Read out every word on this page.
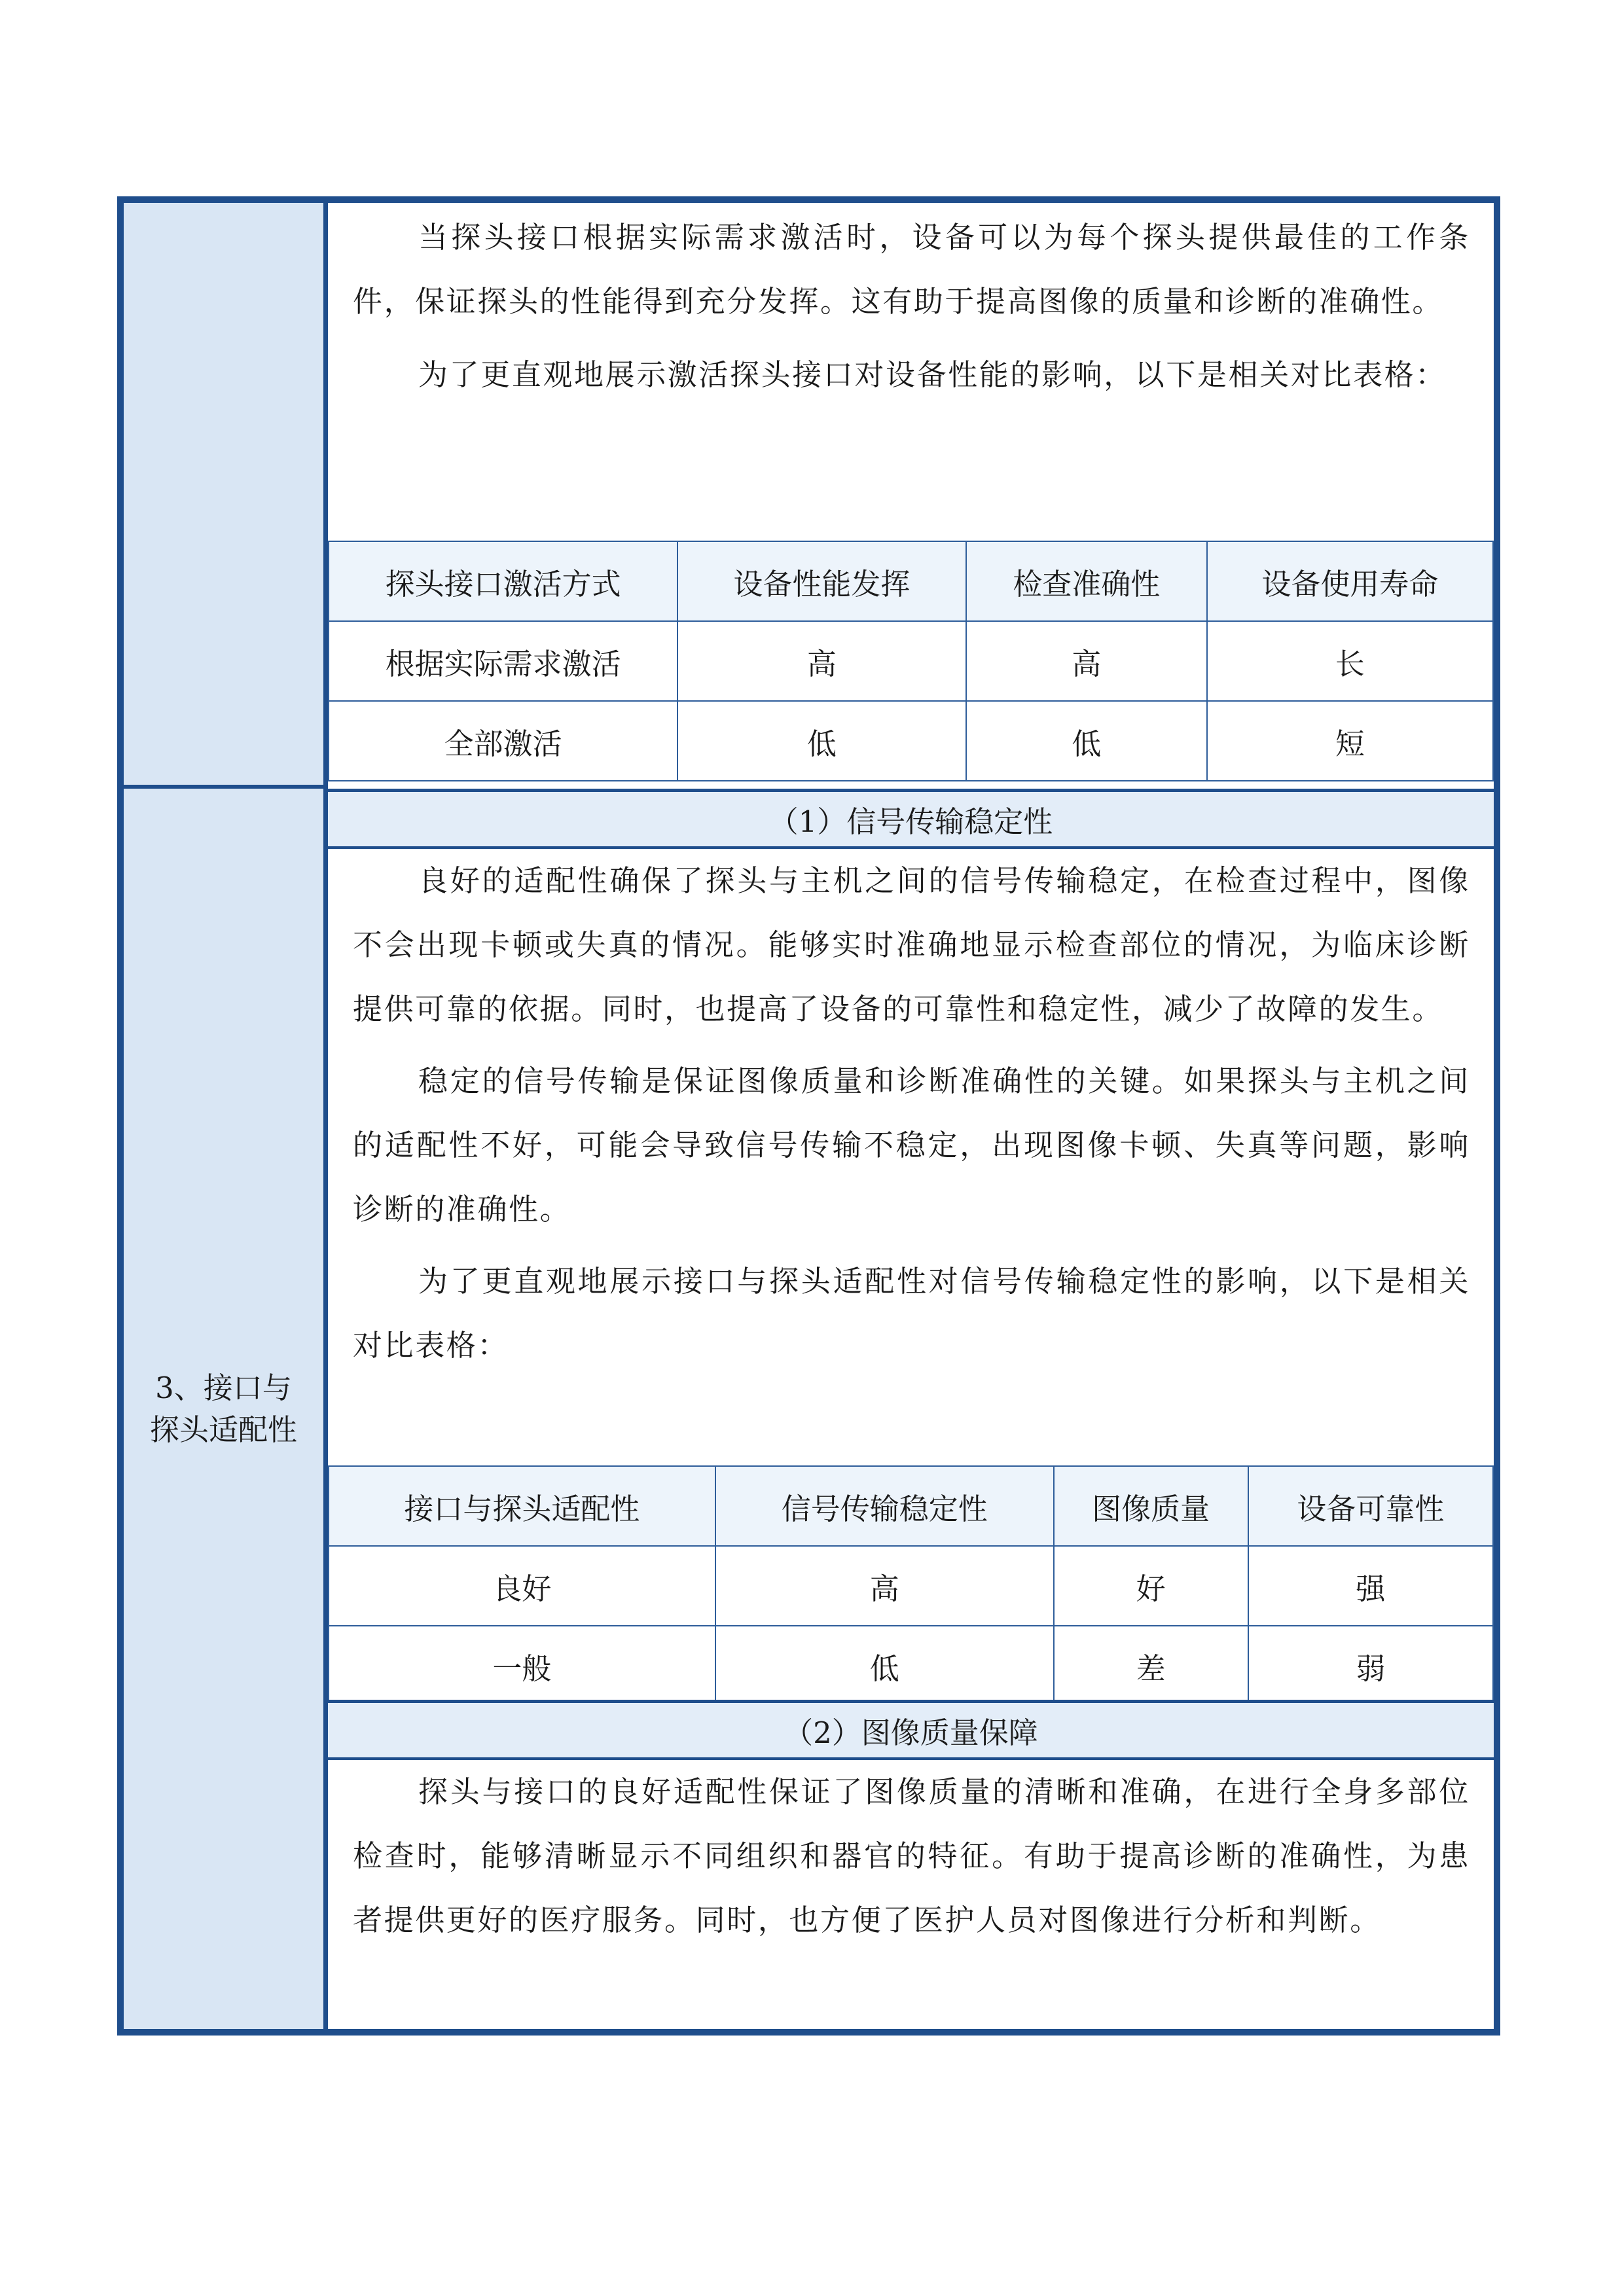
3、接口与探头适配性

当探头接口根据实际需求激活时，设备可以为每个探头提供最佳的工作条件，保证探头的性能得到充分发挥。这有助于提高图像的质量和诊断的准确性。

为了更直观地展示激活探头接口对设备性能的影响，以下是相关对比表格：

探头接口激活方式	设备性能发挥	检查准确性	设备使用寿命
根据实际需求激活	高	高	长
全部激活	低	低	短
（1）信号传输稳定性

良好的适配性确保了探头与主机之间的信号传输稳定，在检查过程中，图像不会出现卡顿或失真的情况。能够实时准确地显示检查部位的情况，为临床诊断提供可靠的依据。同时，也提高了设备的可靠性和稳定性，减少了故障的发生。

稳定的信号传输是保证图像质量和诊断准确性的关键。如果探头与主机之间的适配性不好，可能会导致信号传输不稳定，出现图像卡顿、失真等问题，影响诊断的准确性。

为了更直观地展示接口与探头适配性对信号传输稳定性的影响，以下是相关对比表格：

接口与探头适配性	信号传输稳定性	图像质量	设备可靠性
良好	高	好	强
一般	低	差	弱
（2）图像质量保障

探头与接口的良好适配性保证了图像质量的清晰和准确，在进行全身多部位检查时，能够清晰显示不同组织和器官的特征。有助于提高诊断的准确性，为患者提供更好的医疗服务。同时，也方便了医护人员对图像进行分析和判断。
